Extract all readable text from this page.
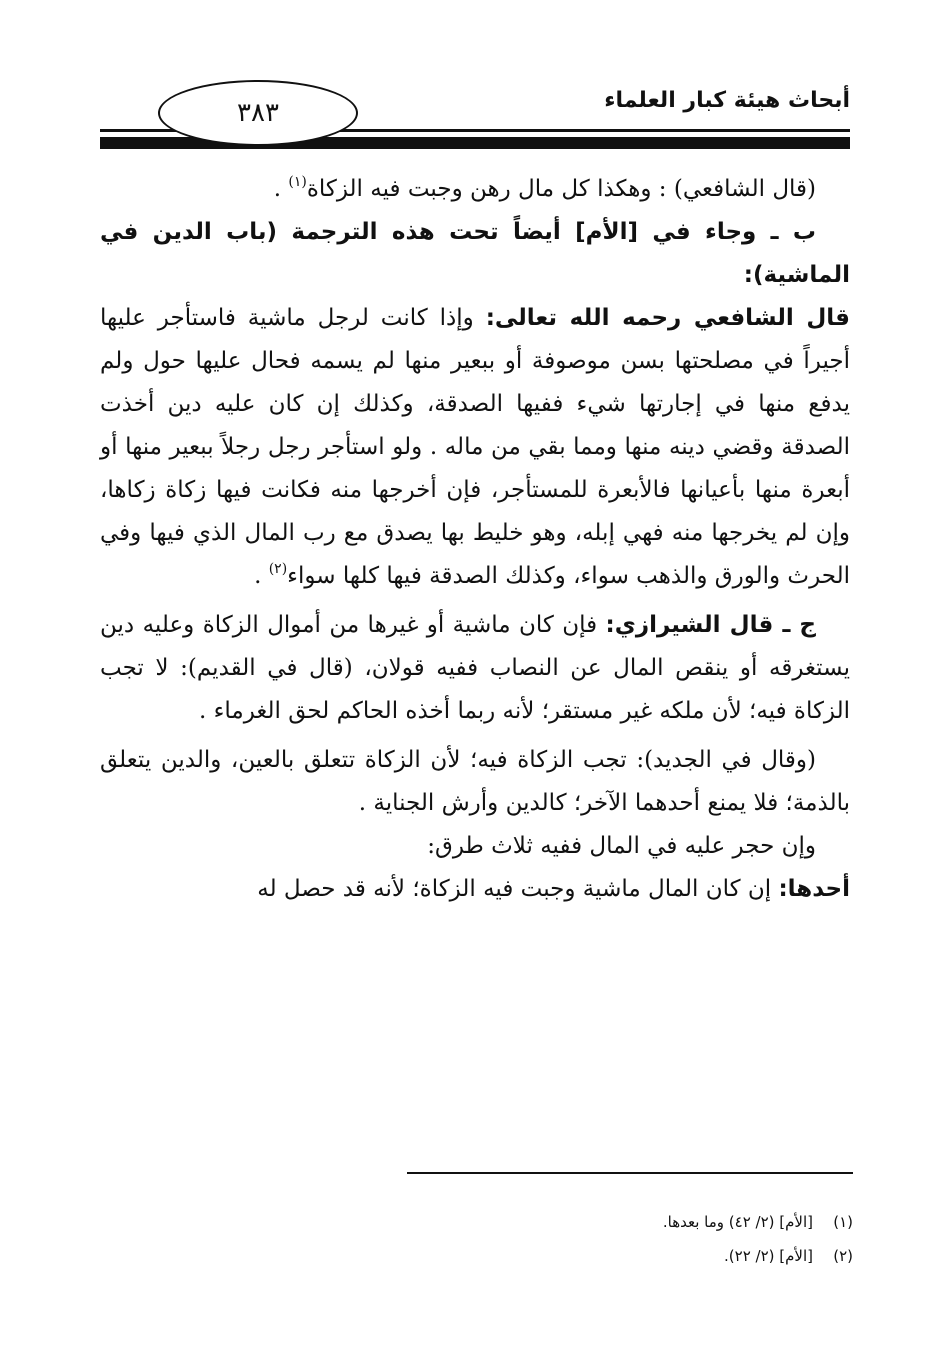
أبحاث هيئة كبار العلماء
٣٨٣

(قال الشافعي) : وهكذا كل مال رهن وجبت فيه الزكاة$^{(١)}$ .

ب ـ وجاء في [الأم] أيضاً تحت هذه الترجمة (باب الدين في الماشية):

قال الشافعي رحمه الله تعالى: وإذا كانت لرجل ماشية فاستأجر عليها أجيراً في مصلحتها بسن موصوفة أو ببعير منها لم يسمه فحال عليها حول ولم يدفع منها في إجارتها شيء ففيها الصدقة، وكذلك إن كان عليه دين أخذت الصدقة وقضي دينه منها ومما بقي من ماله . ولو استأجر رجل رجلاً ببعير منها أو أبعرة منها بأعيانها فالأبعرة للمستأجر، فإن أخرجها منه فكانت فيها زكاة زكاها، وإن لم يخرجها منه فهي إبله، وهو خليط بها يصدق مع رب المال الذي فيها وفي الحرث والورق والذهب سواء، وكذلك الصدقة فيها كلها سواء$^{(٢)}$ .

ج ـ قال الشيرازي: فإن كان ماشية أو غيرها من أموال الزكاة وعليه دين يستغرقه أو ينقص المال عن النصاب ففيه قولان، (قال في القديم): لا تجب الزكاة فيه؛ لأن ملكه غير مستقر؛ لأنه ربما أخذه الحاكم لحق الغرماء .

(وقال في الجديد): تجب الزكاة فيه؛ لأن الزكاة تتعلق بالعين، والدين يتعلق بالذمة؛ فلا يمنع أحدهما الآخر؛ كالدين وأرش الجناية .

وإن حجر عليه في المال ففيه ثلاث طرق:

أحدها: إن كان المال ماشية وجبت فيه الزكاة؛ لأنه قد حصل له

(١)[الأم] (٢/ ٤٢) وما بعدها.
(٢)[الأم] (٢/ ٢٢).
